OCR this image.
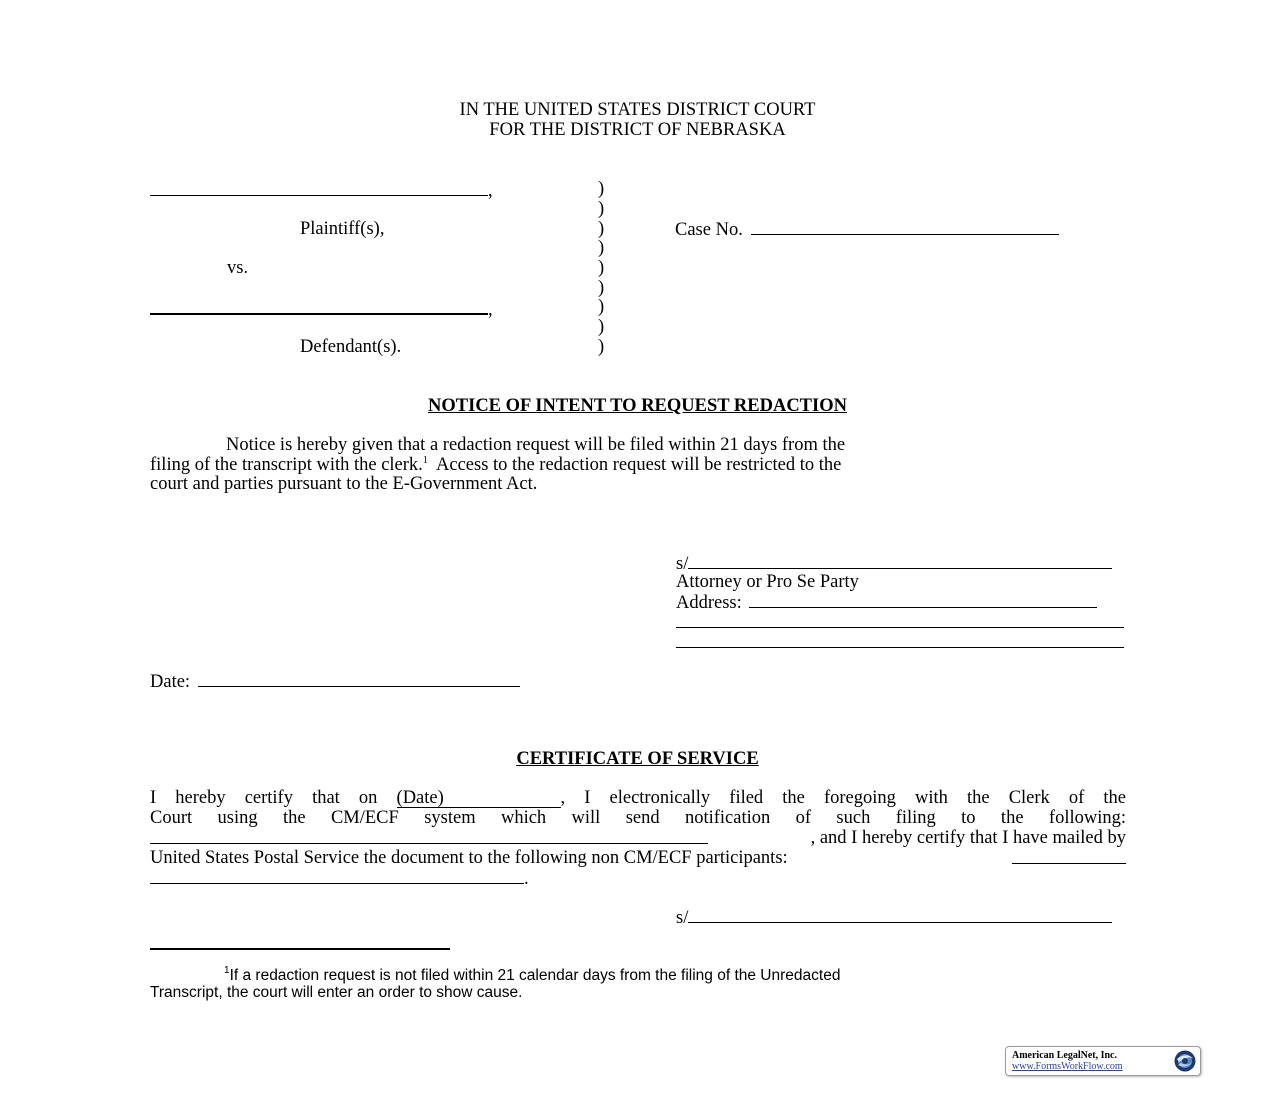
IN THE UNITED STATES DISTRICT COURT
FOR THE DISTRICT OF NEBRASKA
,
Plaintiff(s),
vs.
,
Defendant(s).
)
)
)
)
)
)
)
)
)
Case No.
NOTICE OF INTENT TO REQUEST REDACTION
Notice is hereby given that a redaction request will be filed within 21 days from the
filing of the transcript with the clerk.$^1$  Access to the redaction request will be restricted to the
court and parties pursuant to the E-Government Act.
s/
Attorney or Pro Se Party
Address:
Date:
CERTIFICATE OF SERVICE
I hereby certify that on (Date)	, I electronically filed the foregoing with the Clerk of the
Court using the CM/ECF system which will send notification of such filing to the following:
, and I hereby certify that I have mailed by
United States Postal Service the document to the following non CM/ECF participants:
.
s/
$^1$If a redaction request is not filed within 21 calendar days from the filing of the Unredacted
Transcript, the court will enter an order to show cause.
American LegalNet, Inc.
www.FormsWorkFlow.com
